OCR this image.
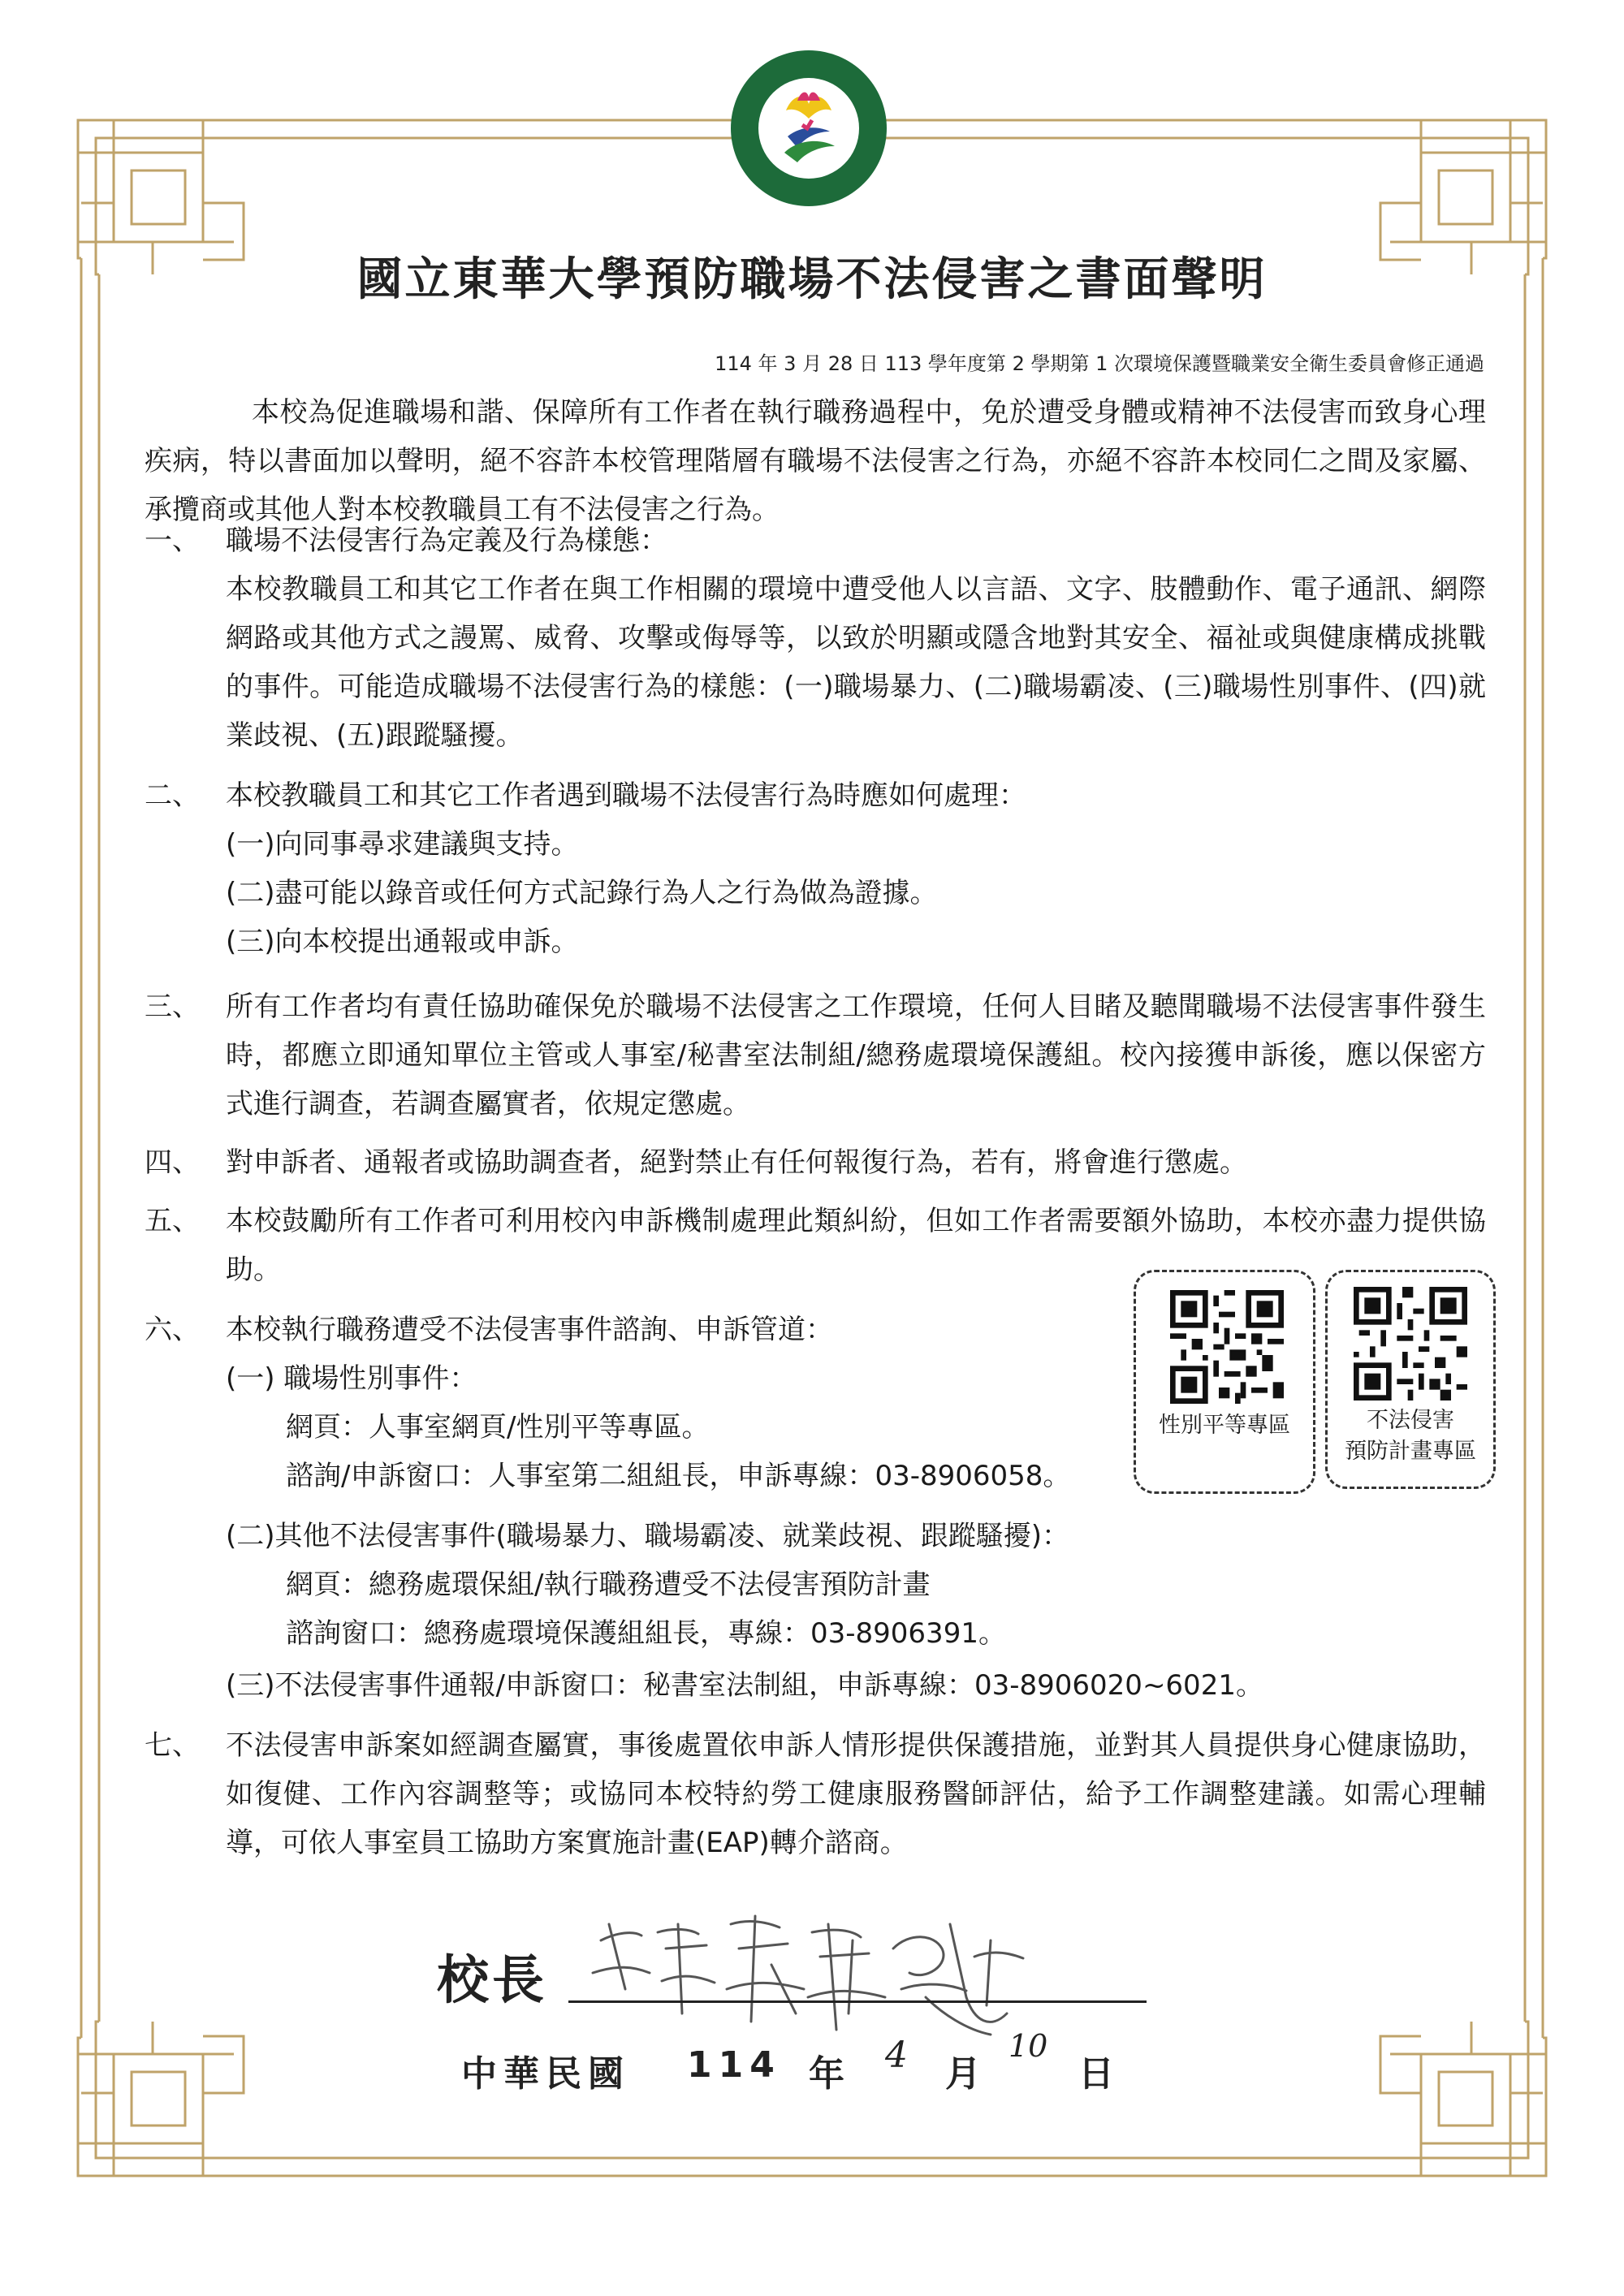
國立東華大學預防職場不法侵害之書面聲明
114 年 3 月 28 日 113 學年度第 2 學期第 1 次環境保護暨職業安全衛生委員會修正通過
本校為促進職場和諧、保障所有工作者在執行職務過程中，免於遭受身體或精神不法侵害而致身心理疾病，特以書面加以聲明，絕不容許本校管理階層有職場不法侵害之行為，亦絕不容許本校同仁之間及家屬、承攬商或其他人對本校教職員工有不法侵害之行為。
一、 職場不法侵害行為定義及行為樣態：
本校教職員工和其它工作者在與工作相關的環境中遭受他人以言語、文字、肢體動作、電子通訊、網際網路或其他方式之謾罵、威脅、攻擊或侮辱等，以致於明顯或隱含地對其安全、福祉或與健康構成挑戰的事件。可能造成職場不法侵害行為的樣態：(一)職場暴力、(二)職場霸凌、(三)職場性別事件、(四)就業歧視、(五)跟蹤騷擾。
二、 本校教職員工和其它工作者遇到職場不法侵害行為時應如何處理：
(一)向同事尋求建議與支持。
(二)盡可能以錄音或任何方式記錄行為人之行為做為證據。
(三)向本校提出通報或申訴。
三、 所有工作者均有責任協助確保免於職場不法侵害之工作環境，任何人目睹及聽聞職場不法侵害事件發生時，都應立即通知單位主管或人事室/秘書室法制組/總務處環境保護組。校內接獲申訴後，應以保密方式進行調查，若調查屬實者，依規定懲處。
四、 對申訴者、通報者或協助調查者，絕對禁止有任何報復行為，若有，將會進行懲處。
五、 本校鼓勵所有工作者可利用校內申訴機制處理此類糾紛，但如工作者需要額外協助，本校亦盡力提供協助。
六、 本校執行職務遭受不法侵害事件諮詢、申訴管道：
(一) 職場性別事件：
網頁：人事室網頁/性別平等專區。
諮詢/申訴窗口：人事室第二組組長，申訴專線：03-8906058。
(二)其他不法侵害事件(職場暴力、職場霸凌、就業歧視、跟蹤騷擾)：
網頁：總務處環保組/執行職務遭受不法侵害預防計畫
諮詢窗口：總務處環境保護組組長，專線：03-8906391。
(三)不法侵害事件通報/申訴窗口：秘書室法制組，申訴專線：03-8906020~6021。
性別平等專區	不法侵害
預防計畫專區
七、 不法侵害申訴案如經調查屬實，事後處置依申訴人情形提供保護措施，並對其人員提供身心健康協助，如復健、工作內容調整等；或協同本校特約勞工健康服務醫師評估，給予工作調整建議。如需心理輔導，可依人事室員工協助方案實施計畫(EAP)轉介諮商。
校長
中華民國 114 年 4 月
10
日
